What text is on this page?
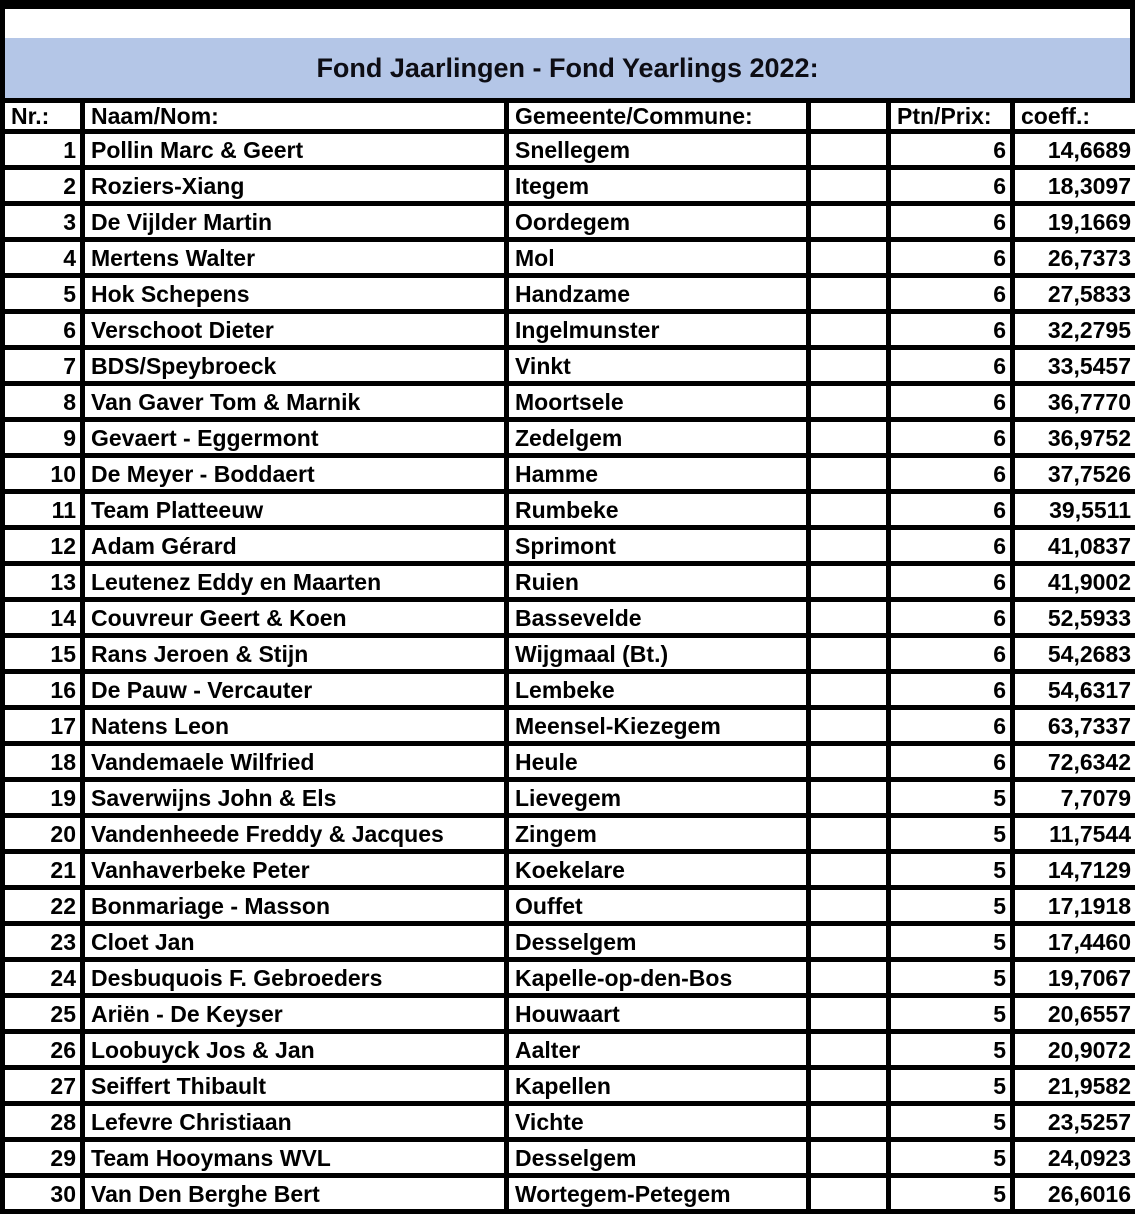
Fond Jaarlingen - Fond Yearlings 2022:
Nr.:	Naam/Nom:	Gemeente/Commune:		Ptn/Prix:	coeff.:
1	Pollin Marc & Geert	Snellegem		6	14,6689
2	Roziers-Xiang	Itegem		6	18,3097
3	De Vijlder Martin	Oordegem		6	19,1669
4	Mertens Walter	Mol		6	26,7373
5	Hok Schepens	Handzame		6	27,5833
6	Verschoot Dieter	Ingelmunster		6	32,2795
7	BDS/Speybroeck	Vinkt		6	33,5457
8	Van Gaver Tom & Marnik	Moortsele		6	36,7770
9	Gevaert - Eggermont	Zedelgem		6	36,9752
10	De Meyer - Boddaert	Hamme		6	37,7526
11	Team Platteeuw	Rumbeke		6	39,5511
12	Adam Gérard	Sprimont		6	41,0837
13	Leutenez Eddy en Maarten	Ruien		6	41,9002
14	Couvreur Geert & Koen	Bassevelde		6	52,5933
15	Rans Jeroen & Stijn	Wijgmaal (Bt.)		6	54,2683
16	De Pauw - Vercauter	Lembeke		6	54,6317
17	Natens Leon	Meensel-Kiezegem		6	63,7337
18	Vandemaele Wilfried	Heule		6	72,6342
19	Saverwijns John & Els	Lievegem		5	7,7079
20	Vandenheede Freddy & Jacques	Zingem		5	11,7544
21	Vanhaverbeke Peter	Koekelare		5	14,7129
22	Bonmariage - Masson	Ouffet		5	17,1918
23	Cloet Jan	Desselgem		5	17,4460
24	Desbuquois F. Gebroeders	Kapelle-op-den-Bos		5	19,7067
25	Ariën - De Keyser	Houwaart		5	20,6557
26	Loobuyck Jos & Jan	Aalter		5	20,9072
27	Seiffert Thibault	Kapellen		5	21,9582
28	Lefevre Christiaan	Vichte		5	23,5257
29	Team Hooymans WVL	Desselgem		5	24,0923
30	Van Den Berghe Bert	Wortegem-Petegem		5	26,6016
